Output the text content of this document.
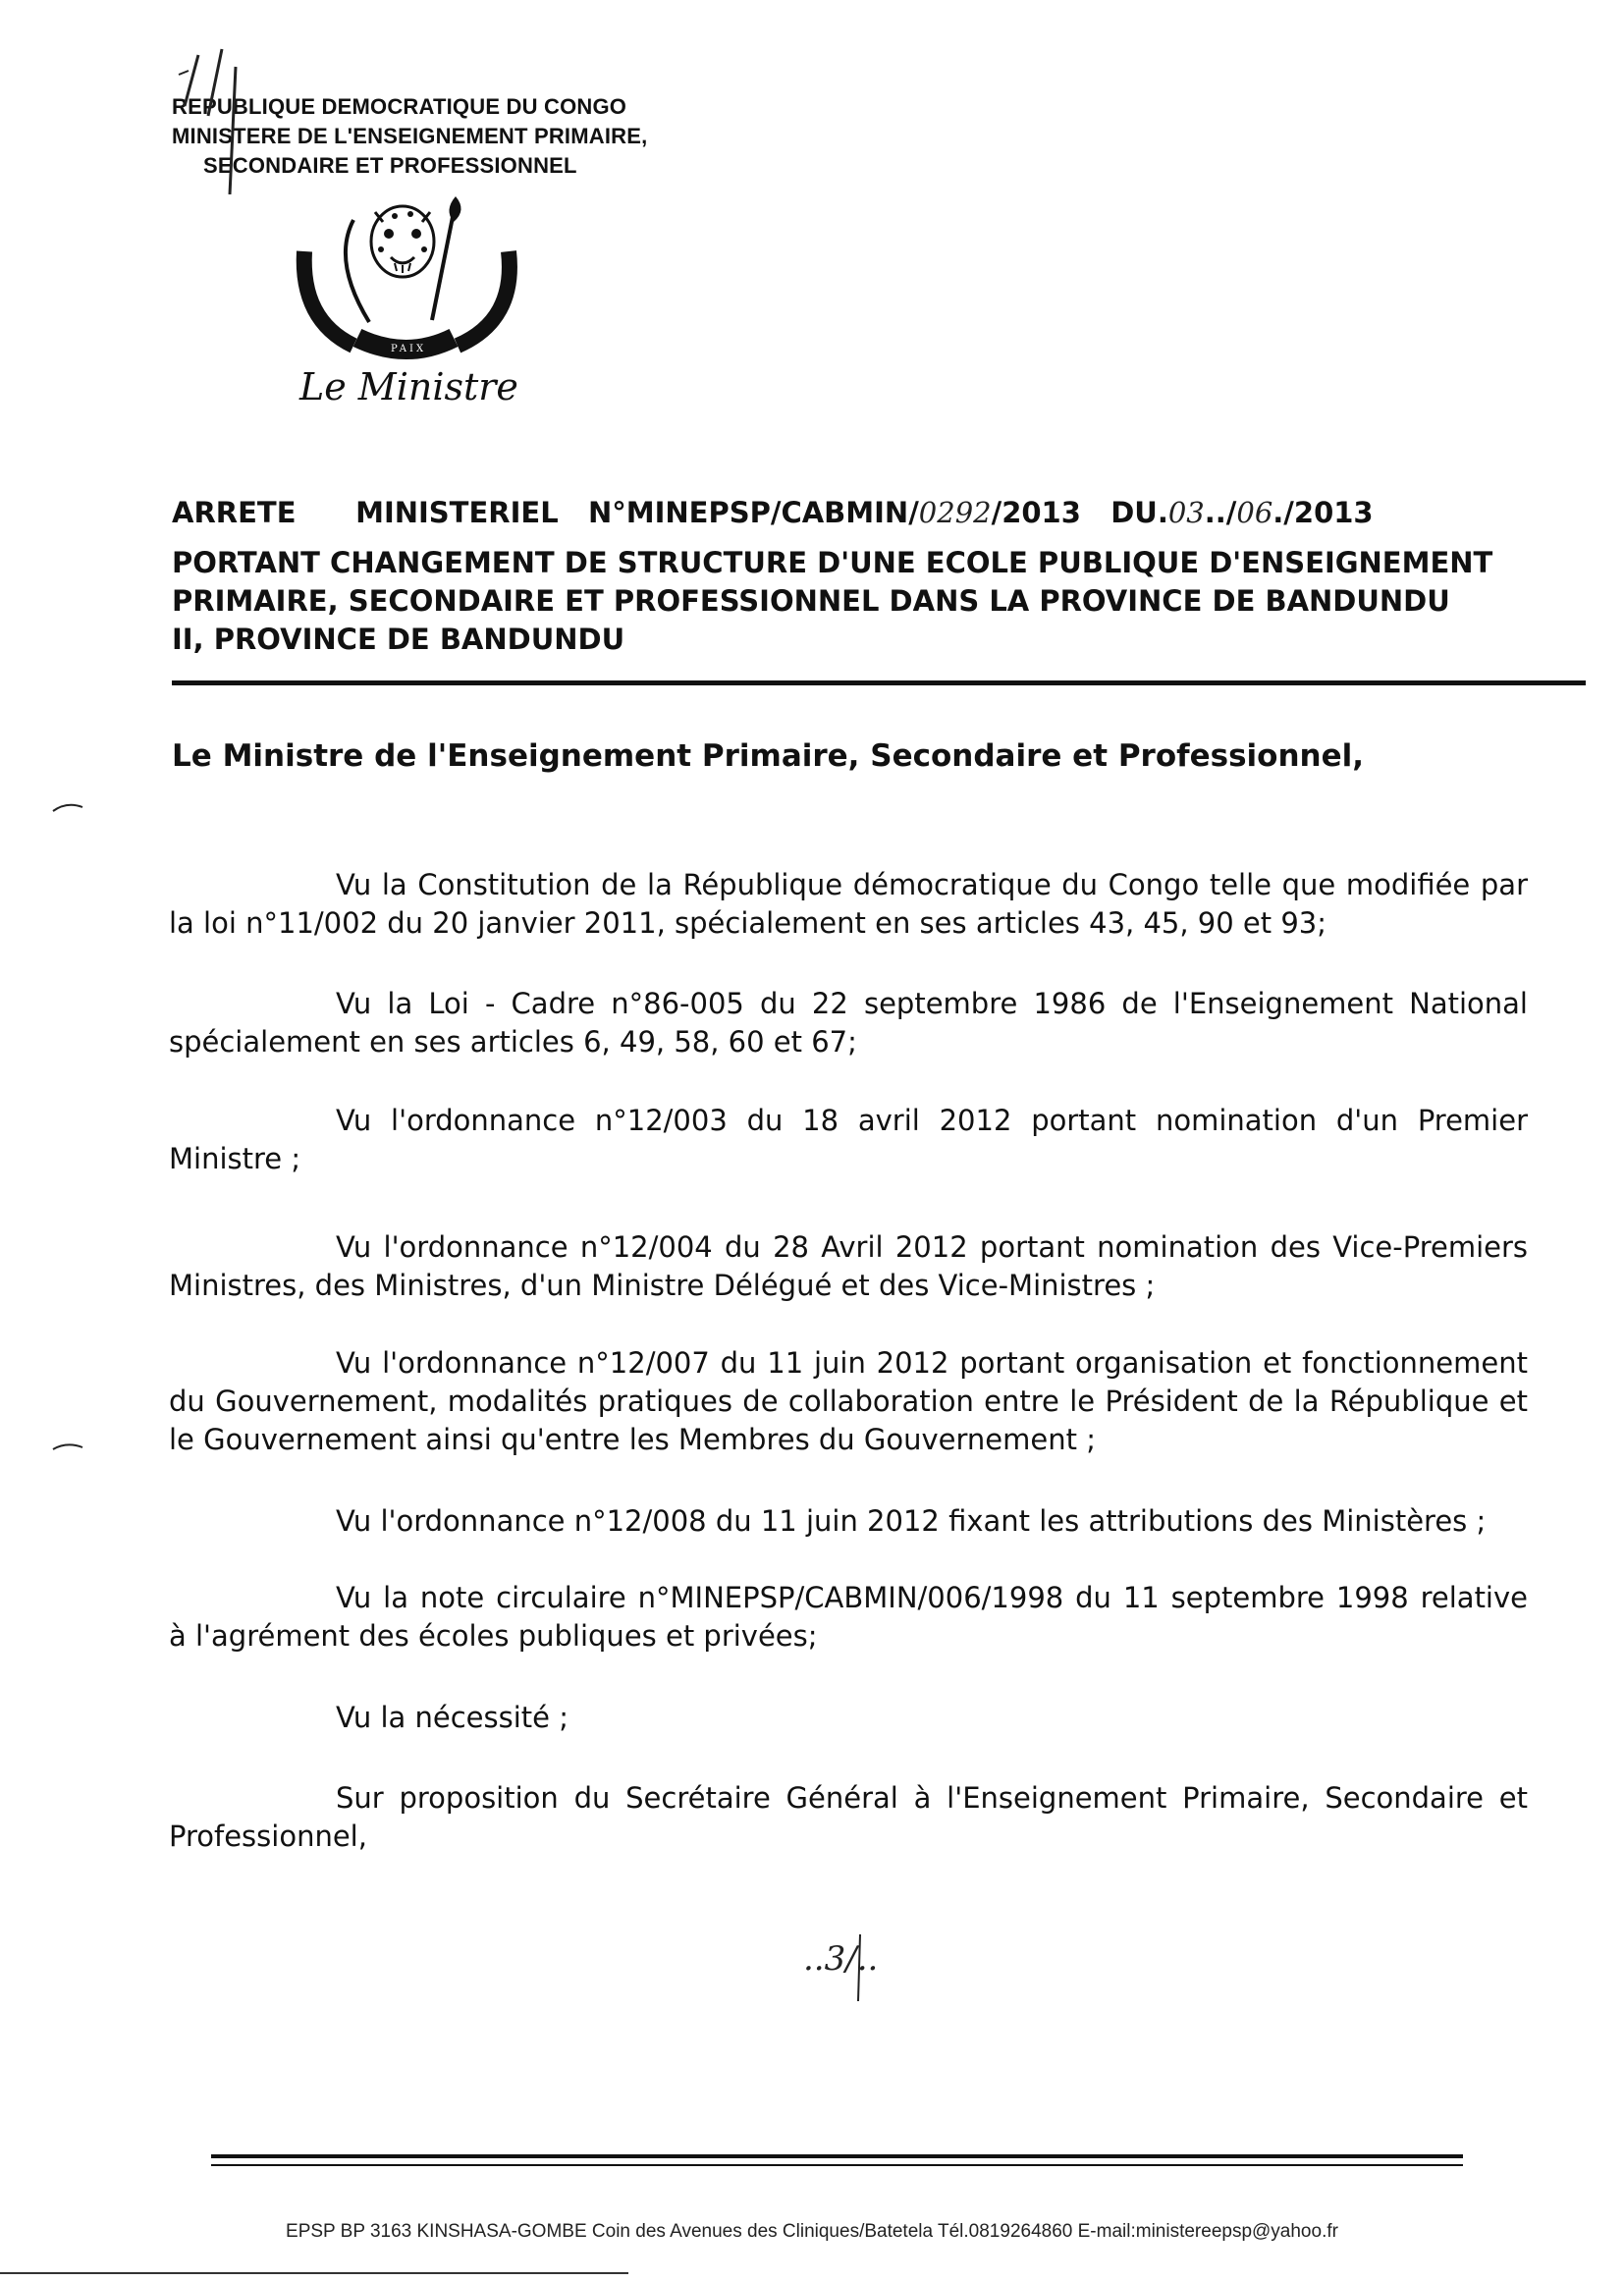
REPUBLIQUE DEMOCRATIQUE DU CONGO
MINISTERE DE L'ENSEIGNEMENT PRIMAIRE,
SECONDAIRE ET PROFESSIONNEL
JUSTICE
PAIX
TRAVAIL
Le Ministre
ARRETE      MINISTERIEL   N°MINEPSP/CABMIN/0292/2013   DU.03../06./2013
PORTANT CHANGEMENT DE STRUCTURE D'UNE ECOLE PUBLIQUE D'ENSEIGNEMENT
PRIMAIRE, SECONDAIRE ET PROFESSIONNEL DANS LA PROVINCE DE BANDUNDU
II, PROVINCE DE BANDUNDU
Le Ministre de l'Enseignement Primaire, Secondaire et Professionnel,
Vu la Constitution de la République démocratique du Congo telle que modifiée par la loi n°11/002 du 20 janvier 2011, spécialement en ses articles 43, 45, 90 et 93;
Vu la Loi - Cadre n°86-005 du 22 septembre 1986 de l'Enseignement National spécialement en ses articles 6, 49, 58, 60 et 67;
Vu l'ordonnance n°12/003 du 18 avril 2012 portant nomination d'un Premier Ministre ;
Vu l'ordonnance n°12/004 du 28 Avril 2012 portant nomination des Vice-Premiers Ministres, des Ministres, d'un Ministre Délégué et des Vice-Ministres ;
Vu l'ordonnance n°12/007 du 11 juin 2012 portant organisation et fonctionnement du Gouvernement, modalités pratiques de collaboration entre le Président de la République et le Gouvernement ainsi qu'entre les Membres du Gouvernement ;
Vu l'ordonnance n°12/008 du 11 juin 2012 fixant les attributions des Ministères ;
Vu la note circulaire n°MINEPSP/CABMIN/006/1998 du 11 septembre 1998 relative à l'agrément des écoles publiques et privées;
Vu la nécessité ;
Sur proposition du Secrétaire Général à l'Enseignement Primaire, Secondaire et Professionnel,
..3/..
EPSP BP 3163 KINSHASA-GOMBE Coin des Avenues des Cliniques/Batetela Tél.0819264860 E-mail:ministereepsp@yahoo.fr
